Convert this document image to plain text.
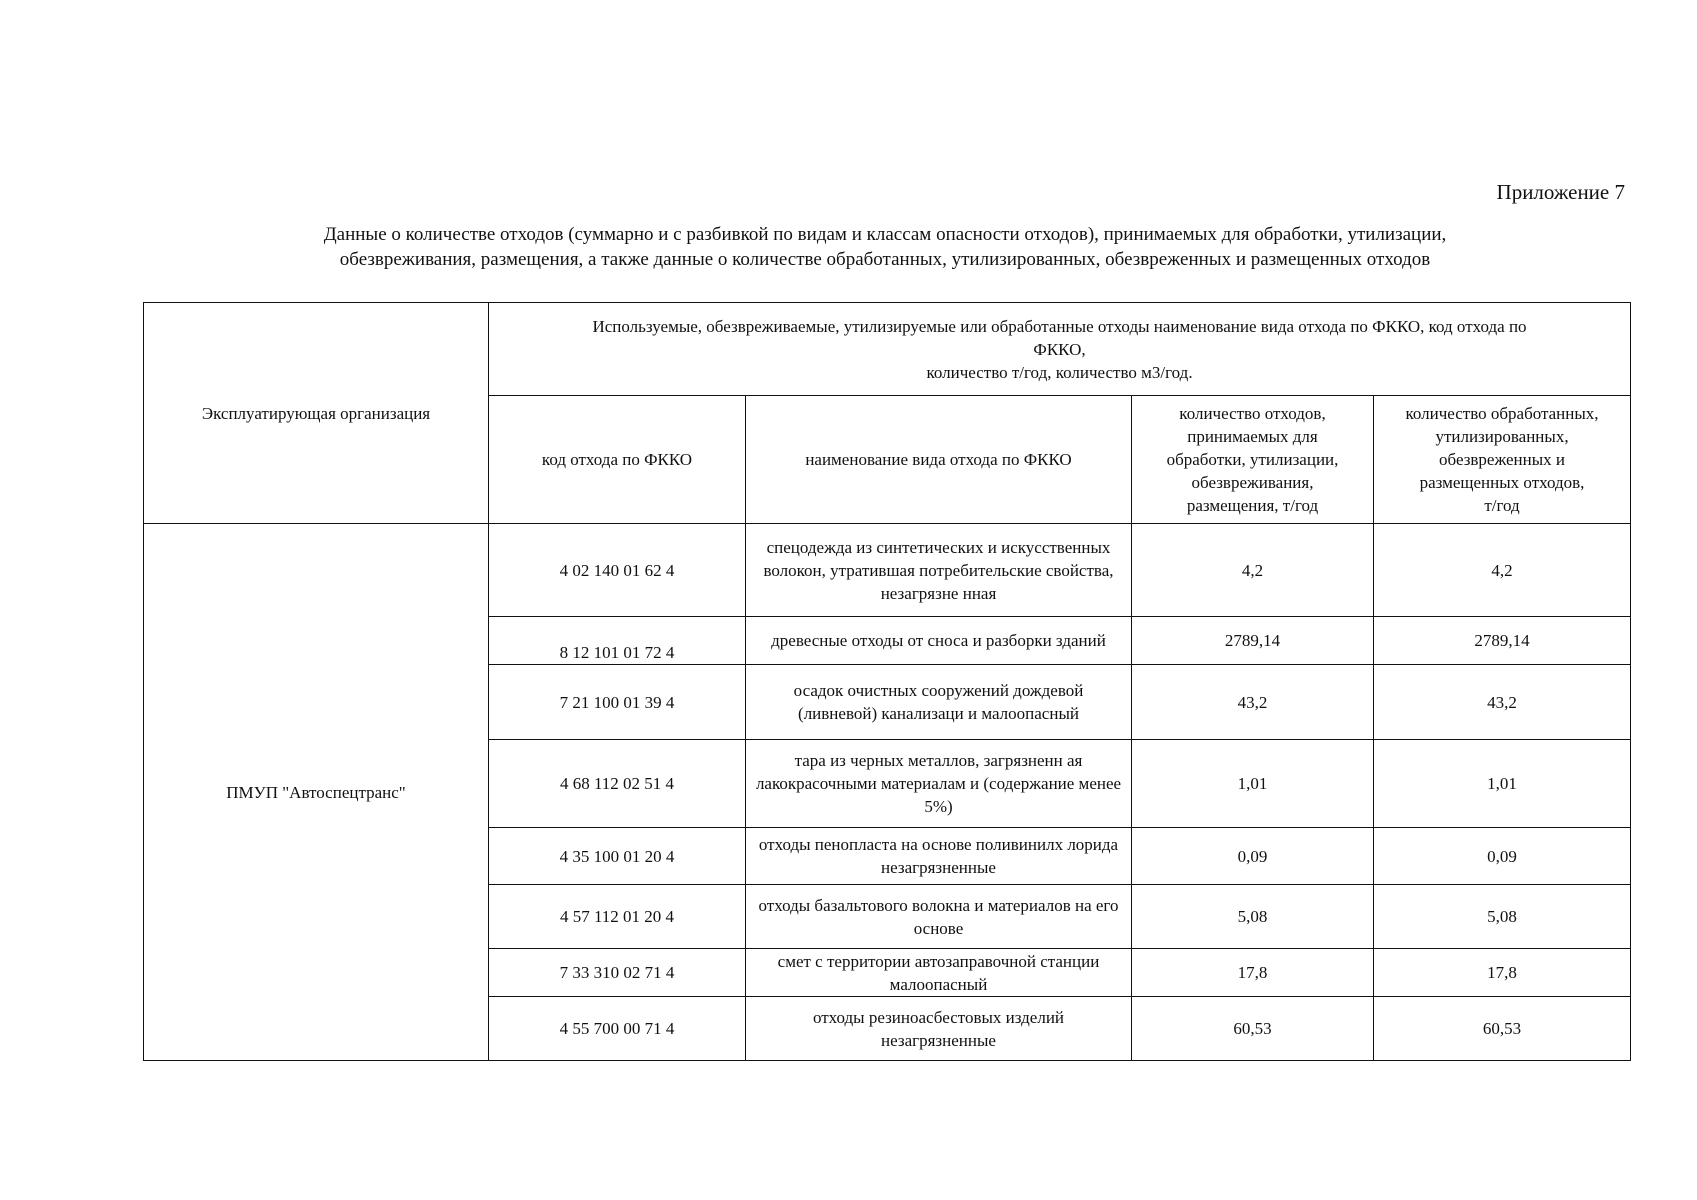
Приложение 7
Данные о количестве отходов (суммарно и с разбивкой по видам и классам опасности отходов), принимаемых для обработки, утилизации,
обезвреживания, размещения, а также данные о количестве обработанных, утилизированных, обезвреженных и размещенных отходов
Эксплуатирующая организация	Используемые, обезвреживаемые, утилизируемые или обработанные отходы наименование вида отхода по ФККО, код отхода по
ФККО,
количество т/год, количество м3/год.			

	код отхода по ФККО	наименование вида отхода по ФККО	количество отходов,
принимаемых для
обработки, утилизации,
обезвреживания,
размещения, т/год	количество обработанных,
утилизированных,
обезвреженных и
размещенных отходов,
т/год

ПМУП "Автоспецтранс"	4 02 140 01 62 4	спецодежда из синтетических и искусственных волокон, утратившая потребительские свойства, незагрязне нная	4,2	4,2
	8 12 101 01 72 4	древесные отходы от сноса и разборки зданий	2789,14	2789,14
	7 21 100 01 39 4	осадок очистных сооружений дождевой (ливневой) канализаци и малоопасный	43,2	43,2
	4 68 112 02 51 4	тара из черных металлов, загрязненн ая лакокрасочными материалам и (содержание менее 5%)	1,01	1,01
	4 35 100 01 20 4	отходы пенопласта на основе поливинилх лорида незагрязненные	0,09	0,09
	4 57 112 01 20 4	отходы базальтового волокна и материалов на его основе	5,08	5,08
	7 33 310 02 71 4	смет с территории автозаправочной станции малоопасный	17,8	17,8
	4 55 700 00 71 4	отходы резиноасбестовых изделий незагрязненные	60,53	60,53
